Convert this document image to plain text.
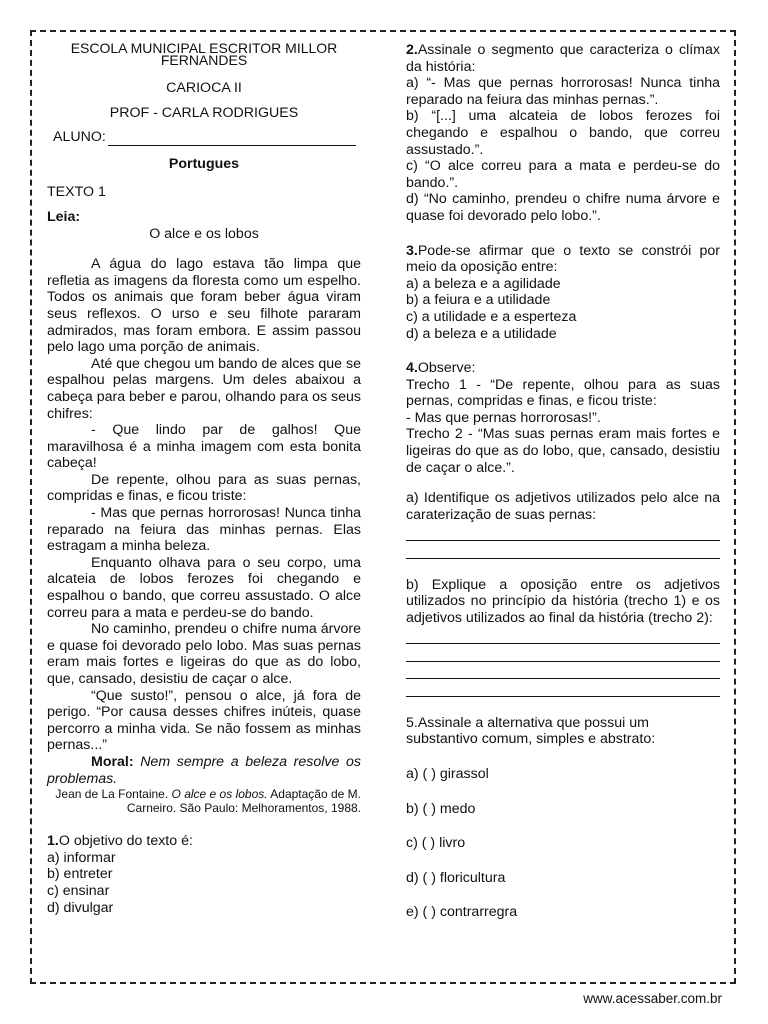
ESCOLA MUNICIPAL ESCRITOR MILLOR FERNANDES

CARIOCA II

PROF - CARLA RODRIGUES

ALUNO:

Portugues

TEXTO 1

Leia:

O alce e os lobos

A água do lago estava tão limpa que refletia as imagens da floresta como um espelho. Todos os animais que foram beber água viram seus reflexos. O urso e seu filhote pararam admirados, mas foram embora. E assim passou pelo lago uma porção de animais.

Até que chegou um bando de alces que se espalhou pelas margens. Um deles abaixou a cabeça para beber e parou, olhando para os seus chifres:

- Que lindo par de galhos! Que maravilhosa é a minha imagem com esta bonita cabeça!

De repente, olhou para as suas pernas, compridas e finas, e ficou triste:

- Mas que pernas horrorosas! Nunca tinha reparado na feiura das minhas pernas. Elas estragam a minha beleza.

Enquanto olhava para o seu corpo, uma alcateia de lobos ferozes foi chegando e espalhou o bando, que correu assustado. O alce correu para a mata e perdeu-se do bando.

No caminho, prendeu o chifre numa árvore e quase foi devorado pelo lobo. Mas suas pernas eram mais fortes e ligeiras do que as do lobo, que, cansado, desistiu de caçar o alce.

“Que susto!”, pensou o alce, já fora de perigo. “Por causa desses chifres inúteis, quase percorro a minha vida. Se não fossem as minhas pernas...”

Moral: Nem sempre a beleza resolve os problemas.

Jean de La Fontaine. O alce e os lobos. Adaptação de M. Carneiro. São Paulo: Melhoramentos, 1988.

1.O objetivo do texto é:

a) informar

b) entreter

c) ensinar

d) divulgar

2.Assinale o segmento que caracteriza o clímax da história:

a) “- Mas que pernas horrorosas! Nunca tinha reparado na feiura das minhas pernas.”.

b) “[...] uma alcateia de lobos ferozes foi chegando e espalhou o bando, que correu assustado.”.

c) “O alce correu para a mata e perdeu-se do bando.”.

d) “No caminho, prendeu o chifre numa árvore e quase foi devorado pelo lobo.”.

3.Pode-se afirmar que o texto se constrói por meio da oposição entre:

a) a beleza e a agilidade

b) a feiura e a utilidade

c) a utilidade e a esperteza

d) a beleza e a utilidade

4.Observe:

Trecho 1 - “De repente, olhou para as suas pernas, compridas e finas, e ficou triste:

- Mas que pernas horrorosas!”.

Trecho 2 - “Mas suas pernas eram mais fortes e ligeiras do que as do lobo, que, cansado, desistiu de caçar o alce.”.

a) Identifique os adjetivos utilizados pelo alce na caraterização de suas pernas:

b) Explique a oposição entre os adjetivos utilizados no princípio da história (trecho 1) e os adjetivos utilizados ao final da história (trecho 2):

5.Assinale a alternativa que possui um substantivo comum, simples e abstrato:

a) ( ) girassol

b) ( ) medo

c) ( ) livro

d) ( ) floricultura

e) ( ) contrarregra

www.acessaber.com.br
